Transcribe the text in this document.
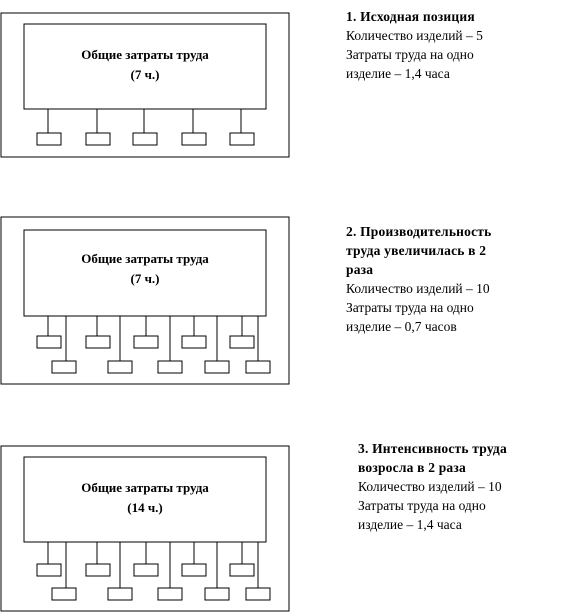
Общие затраты труда
(7 ч.)
1. Исходная позиция
Количество изделий – 5
Затраты труда на одно
изделие – 1,4 часа
Общие затраты труда
(7 ч.)
2. Производительность
труда увеличилась в 2
раза
Количество изделий – 10
Затраты труда на одно
изделие – 0,7 часов
Общие затраты труда
(14 ч.)
3. Интенсивность труда
возросла в 2 раза
Количество изделий – 10
Затраты труда на одно
изделие – 1,4 часа
